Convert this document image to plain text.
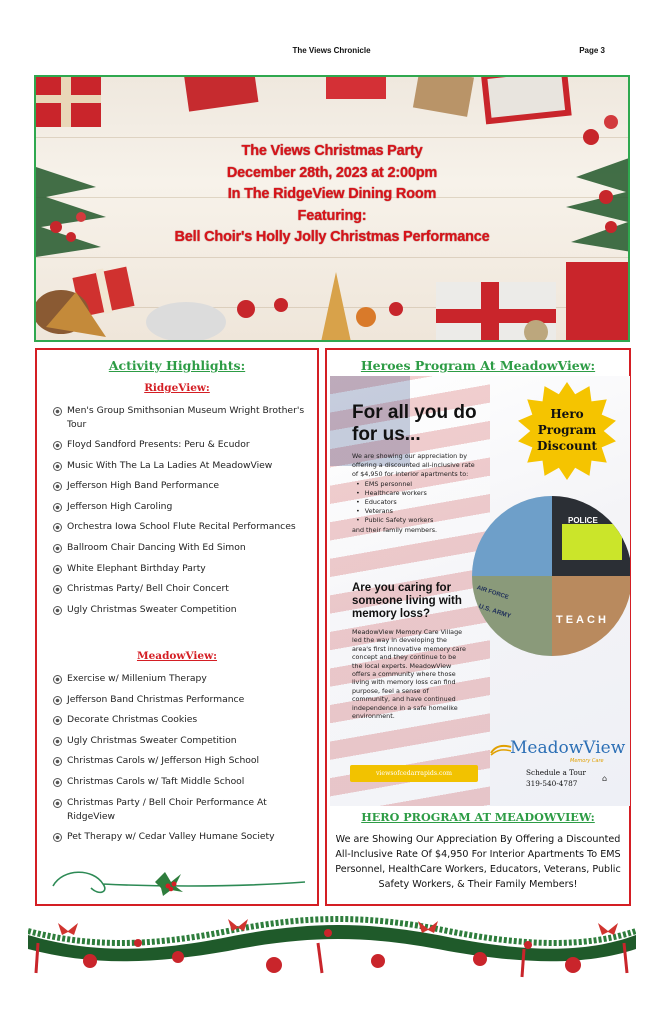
The Views Chronicle	Page 3
The Views Christmas Party
December 28th, 2023 at 2:00pm
In The RidgeView Dining Room
Featuring:
Bell Choir's Holly Jolly Christmas Performance
Activity Highlights:
RidgeView:
Men's Group Smithsonian Museum Wright Brother's Tour
Floyd Sandford Presents: Peru & Ecudor
Music With The La La Ladies At MeadowView
Jefferson High Band Performance
Jefferson High Caroling
Orchestra Iowa School Flute Recital Performances
Ballroom Chair Dancing With Ed Simon
White Elephant Birthday Party
Christmas Party/ Bell Choir Concert
Ugly Christmas Sweater Competition
MeadowView:
Exercise w/ Millenium Therapy
Jefferson Band Christmas Performance
Decorate Christmas Cookies
Ugly Christmas Sweater Competition
Christmas Carols w/ Jefferson High School
Christmas Carols w/ Taft Middle School
Christmas Party / Bell Choir Performance At RidgeView
Pet Therapy w/ Cedar Valley Humane Society
Heroes Program At MeadowView:
For all you do
for us...
We are showing our appreciation by
offering a discounted all-inclusive rate
of $4,950 for interior apartments to:
• EMS personnel
• Healthcare workers
• Educators
• Veterans
• Public Safety workers
and their family members.
Hero
Program
Discount
POLICE
AIR FORCE
U.S. ARMY
TEACH
Are you caring for
someone living with
memory loss?
MeadowView Memory Care Village
led the way in developing the
area's first innovative memory care
concept and they continue to be
the local experts. MeadowView
offers a community where those
living with memory loss can find
purpose, feel a sense of
community, and have continued
independence in a safe homelike
environment.
MeadowView
Memory Care
Schedule a Tour
319-540-4787
⌂
viewsofcedarrapids.com
HERO PROGRAM AT MEADOWVIEW:
We are Showing Our Appreciation By Offering a Discounted All-Inclusive Rate Of $4,950 For Interior Apartments To EMS Personnel, HealthCare Workers, Educators, Veterans, Public Safety Workers, & Their Family Members!
